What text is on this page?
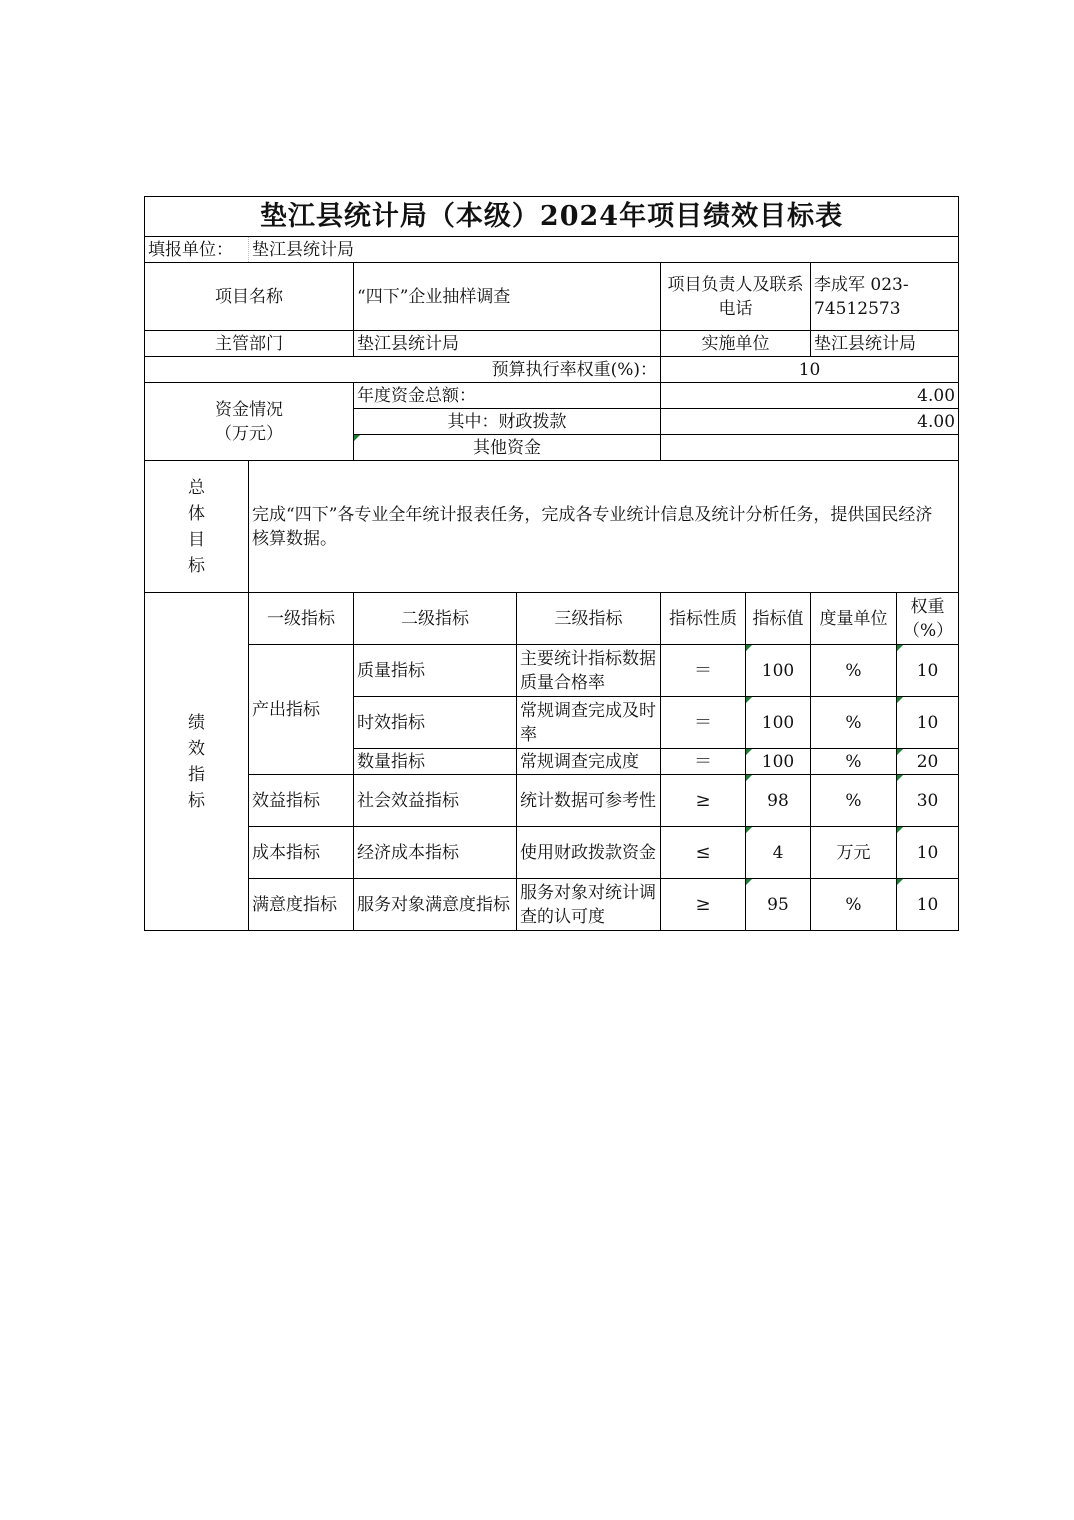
垫江县统计局（本级）2024年项目绩效目标表							
填报单位：	垫江县统计局						
项目名称		“四下”企业抽样调查		项目负责人及联系电话		李成军 023-74512573	
主管部门		垫江县统计局		实施单位		垫江县统计局	
预算执行率权重(%)：				10			
资金情况
（万元）		年度资金总额：		4.00			
		其中：财政拨款		4.00			
		其他资金					

总
体
目
标	完成“四下”各专业全年统计报表任务，完成各专业统计信息及统计分析任务，提供国民经济核算数据。						

绩
效
指
标	一级指标	二级指标	三级指标	指标性质	指标值	度量单位	权重（%）
	产出指标	质量指标	主要统计指标数据质量合格率	＝	100	%	10
		时效指标	常规调查完成及时率	＝	100	%	10
		数量指标	常规调查完成度	＝	100	%	20
	效益指标	社会效益指标	统计数据可参考性	≥	98	%	30
	成本指标	经济成本指标	使用财政拨款资金	≤	4	万元	10
	满意度指标	服务对象满意度指标	服务对象对统计调查的认可度	≥	95	%	10
